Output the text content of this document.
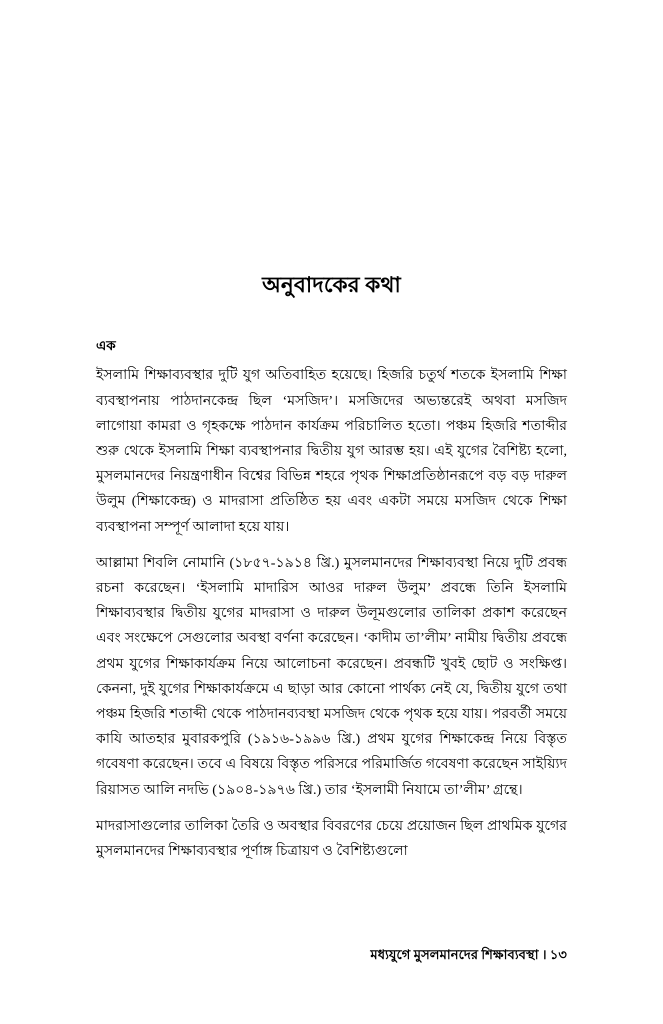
অনুবাদকের কথা
এক

ইসলামি শিক্ষাব্যবস্থার দুটি যুগ অতিবাহিত হয়েছে। হিজরি চতুর্থ শতকে ইসলামি শিক্ষা ব্যবস্থাপনায় পাঠদানকেন্দ্র ছিল ‘মসজিদ’। মসজিদের অভ্যন্তরেই অথবা মসজিদ লাগোয়া কামরা ও গৃহকক্ষে পাঠদান কার্যক্রম পরিচালিত হতো। পঞ্চম হিজরি শতাব্দীর শুরু থেকে ইসলামি শিক্ষা ব্যবস্থাপনার দ্বিতীয় যুগ আরম্ভ হয়। এই যুগের বৈশিষ্ট্য হলো, মুসলমানদের নিয়ন্ত্রণাধীন বিশ্বের বিভিন্ন শহরে পৃথক শিক্ষাপ্রতিষ্ঠানরূপে বড় বড় দারুল উলুম (শিক্ষাকেন্দ্র) ও মাদরাসা প্রতিষ্ঠিত হয় এবং একটা সময়ে মসজিদ থেকে শিক্ষা ব্যবস্থাপনা সম্পূর্ণ আলাদা হয়ে যায়।

আল্লামা শিবলি নোমানি (১৮৫৭-১৯১৪ খ্রি.) মুসলমানদের শিক্ষাব্যবস্থা নিয়ে দুটি প্রবন্ধ রচনা করেছেন। ‘ইসলামি মাদারিস আওর দারুল উলুম’ প্রবন্ধে তিনি ইসলামি শিক্ষাব্যবস্থার দ্বিতীয় যুগের মাদরাসা ও দারুল উলূমগুলোর তালিকা প্রকাশ করেছেন এবং সংক্ষেপে সেগুলোর অবস্থা বর্ণনা করেছেন। ‘কাদীম তা’লীম’ নামীয় দ্বিতীয় প্রবন্ধে প্রথম যুগের শিক্ষাকার্যক্রম নিয়ে আলোচনা করেছেন। প্রবন্ধটি খুবই ছোট ও সংক্ষিপ্ত। কেননা, দুই যুগের শিক্ষাকার্যক্রমে এ ছাড়া আর কোনো পার্থক্য নেই যে, দ্বিতীয় যুগে তথা পঞ্চম হিজরি শতাব্দী থেকে পাঠদানব্যবস্থা মসজিদ থেকে পৃথক হয়ে যায়। পরবর্তী সময়ে কাযি আতহার মুবারকপুরি (১৯১৬-১৯৯৬ খ্রি.) প্রথম যুগের শিক্ষাকেন্দ্র নিয়ে বিস্তৃত গবেষণা করেছেন। তবে এ বিষয়ে বিস্তৃত পরিসরে পরিমার্জিত গবেষণা করেছেন সাইয়্যিদ রিয়াসত আলি নদভি (১৯০৪-১৯৭৬ খ্রি.) তার ‘ইসলামী নিযামে তা’লীম’ গ্রন্থে।

মাদরাসাগুলোর তালিকা তৈরি ও অবস্থার বিবরণের চেয়ে প্রয়োজন ছিল প্রাথমিক যুগের মুসলমানদের শিক্ষাব্যবস্থার পূর্ণাঙ্গ চিত্রায়ণ ও বৈশিষ্ট্যগুলো

মধ্যযুগে মুসলমানদের শিক্ষাব্যবস্থা । ১৩
